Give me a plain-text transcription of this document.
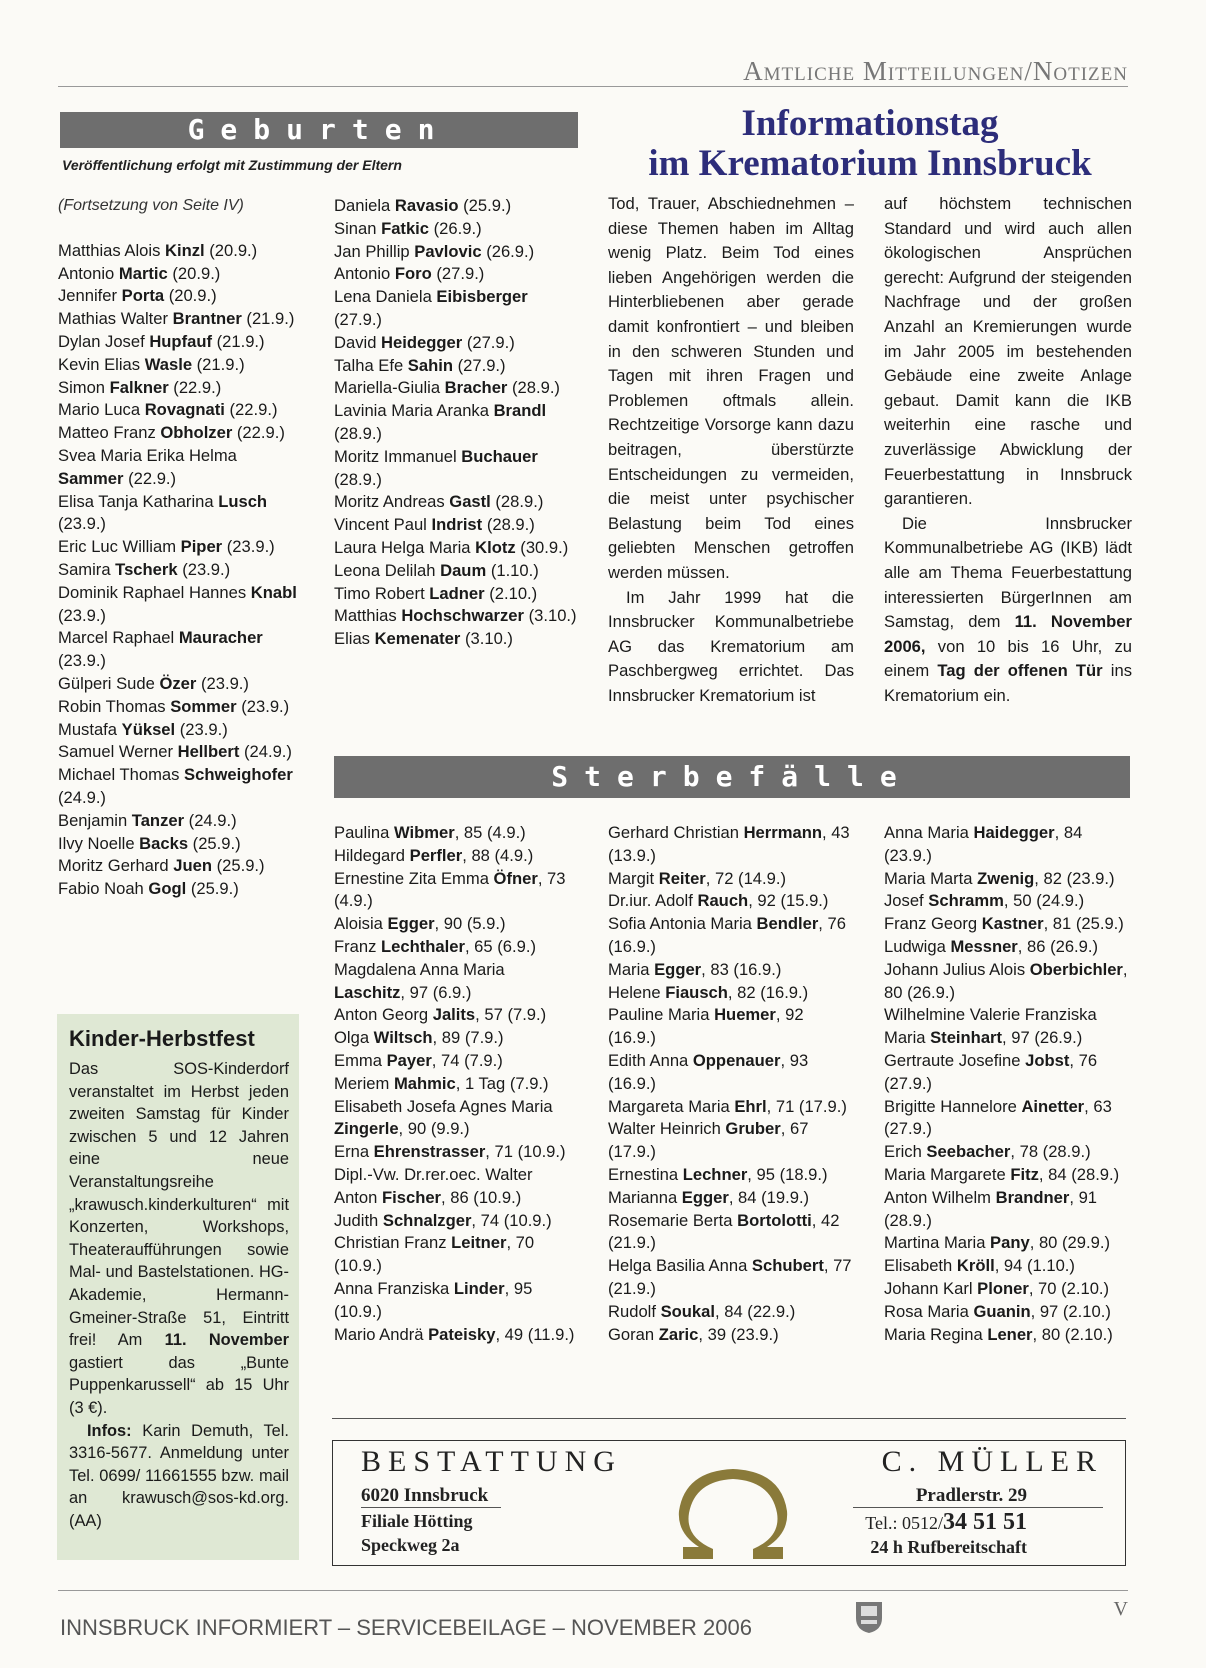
Amtliche Mitteilungen/Notizen
Geburten
Veröffentlichung erfolgt mit Zustimmung der Eltern
(Fortsetzung von Seite IV)
Matthias Alois Kinzl (20.9.)
Antonio Martic (20.9.)
Jennifer Porta (20.9.)
Mathias Walter Brantner (21.9.)
Dylan Josef Hupfauf (21.9.)
Kevin Elias Wasle (21.9.)
Simon Falkner (22.9.)
Mario Luca Rovagnati (22.9.)
Matteo Franz Obholzer (22.9.)
Svea Maria Erika Helma Sammer (22.9.)
Elisa Tanja Katharina Lusch (23.9.)
Eric Luc William Piper (23.9.)
Samira Tscherk (23.9.)
Dominik Raphael Hannes Knabl (23.9.)
Marcel Raphael Mauracher (23.9.)
Gülperi Sude Özer (23.9.)
Robin Thomas Sommer (23.9.)
Mustafa Yüksel (23.9.)
Samuel Werner Hellbert (24.9.)
Michael Thomas Schweighofer (24.9.)
Benjamin Tanzer (24.9.)
Ilvy Noelle Backs (25.9.)
Moritz Gerhard Juen (25.9.)
Fabio Noah Gogl (25.9.)
Daniela Ravasio (25.9.)
Sinan Fatkic (26.9.)
Jan Phillip Pavlovic (26.9.)
Antonio Foro (27.9.)
Lena Daniela Eibisberger (27.9.)
David Heidegger (27.9.)
Talha Efe Sahin (27.9.)
Mariella-Giulia Bracher (28.9.)
Lavinia Maria Aranka Brandl (28.9.)
Moritz Immanuel Buchauer (28.9.)
Moritz Andreas Gastl (28.9.)
Vincent Paul Indrist (28.9.)
Laura Helga Maria Klotz (30.9.)
Leona Delilah Daum (1.10.)
Timo Robert Ladner (2.10.)
Matthias Hochschwarzer (3.10.)
Elias Kemenater (3.10.)
Informationstag
im Krematorium Innsbruck

Tod, Trauer, Abschiednehmen – diese Themen haben im Alltag wenig Platz. Beim Tod eines lieben Angehörigen werden die Hinterbliebenen aber gerade damit konfrontiert – und bleiben in den schweren Stunden und Tagen mit ihren Fragen und Problemen oftmals allein. Rechtzeitige Vorsorge kann dazu beitragen, überstürzte Entscheidungen zu vermeiden, die meist unter psychischer Belastung beim Tod eines geliebten Menschen getroffen werden müssen.

Im Jahr 1999 hat die Innsbrucker Kommunalbetriebe AG das Krematorium am Paschbergweg errichtet. Das Innsbrucker Krematorium ist

auf höchstem technischen Standard und wird auch allen ökologischen Ansprüchen gerecht: Aufgrund der steigenden Nachfrage und der großen Anzahl an Kremierungen wurde im Jahr 2005 im bestehenden Gebäude eine zweite Anlage gebaut. Damit kann die IKB weiterhin eine rasche und zuverlässige Abwicklung der Feuerbestattung in Innsbruck garantieren.

Die Innsbrucker Kommunalbetriebe AG (IKB) lädt alle am Thema Feuerbestattung interessierten BürgerInnen am Samstag, dem 11. November 2006, von 10 bis 16 Uhr, zu einem Tag der offenen Tür ins Krematorium ein.

Kinder-Herbstfest
Das SOS-Kinderdorf veranstaltet im Herbst jeden zweiten Samstag für Kinder zwischen 5 und 12 Jahren eine neue Veranstaltungsreihe „krawusch.kinderkulturen“ mit Konzerten, Workshops, Theateraufführungen sowie Mal- und Bastelstationen. HG-Akademie, Hermann-Gmeiner-Straße 51, Eintritt frei! Am 11. November gastiert das „Bunte Puppenkarussell“ ab 15 Uhr (3 €).
Infos: Karin Demuth, Tel. 3316-5677. Anmeldung unter Tel. 0699/ 11661555 bzw. mail an krawusch@sos-kd.org. (AA)
Sterbefälle
Paulina Wibmer, 85 (4.9.)
Hildegard Perfler, 88 (4.9.)
Ernestine Zita Emma Öfner, 73 (4.9.)
Aloisia Egger, 90 (5.9.)
Franz Lechthaler, 65 (6.9.)
Magdalena Anna Maria Laschitz, 97 (6.9.)
Anton Georg Jalits, 57 (7.9.)
Olga Wiltsch, 89 (7.9.)
Emma Payer, 74 (7.9.)
Meriem Mahmic, 1 Tag (7.9.)
Elisabeth Josefa Agnes Maria Zingerle, 90 (9.9.)
Erna Ehrenstrasser, 71 (10.9.)
Dipl.-Vw. Dr.rer.oec. Walter Anton Fischer, 86 (10.9.)
Judith Schnalzger, 74 (10.9.)
Christian Franz Leitner, 70 (10.9.)
Anna Franziska Linder, 95 (10.9.)
Mario Andrä Pateisky, 49 (11.9.)
Gerhard Christian Herrmann, 43 (13.9.)
Margit Reiter, 72 (14.9.)
Dr.iur. Adolf Rauch, 92 (15.9.)
Sofia Antonia Maria Bendler, 76 (16.9.)
Maria Egger, 83 (16.9.)
Helene Fiausch, 82 (16.9.)
Pauline Maria Huemer, 92 (16.9.)
Edith Anna Oppenauer, 93 (16.9.)
Margareta Maria Ehrl, 71 (17.9.)
Walter Heinrich Gruber, 67 (17.9.)
Ernestina Lechner, 95 (18.9.)
Marianna Egger, 84 (19.9.)
Rosemarie Berta Bortolotti, 42 (21.9.)
Helga Basilia Anna Schubert, 77 (21.9.)
Rudolf Soukal, 84 (22.9.)
Goran Zaric, 39 (23.9.)
Anna Maria Haidegger, 84 (23.9.)
Maria Marta Zwenig, 82 (23.9.)
Josef Schramm, 50 (24.9.)
Franz Georg Kastner, 81 (25.9.)
Ludwiga Messner, 86 (26.9.)
Johann Julius Alois Oberbichler, 80 (26.9.)
Wilhelmine Valerie Franziska Maria Steinhart, 97 (26.9.)
Gertraute Josefine Jobst, 76 (27.9.)
Brigitte Hannelore Ainetter, 63 (27.9.)
Erich Seebacher, 78 (28.9.)
Maria Margarete Fitz, 84 (28.9.)
Anton Wilhelm Brandner, 91 (28.9.)
Martina Maria Pany, 80 (29.9.)
Elisabeth Kröll, 94 (1.10.)
Johann Karl Ploner, 70 (2.10.)
Rosa Maria Guanin, 97 (2.10.)
Maria Regina Lener, 80 (2.10.)
BESTATTUNG	C. MÜLLER
6020 Innsbruck
Filiale Hötting
Speckweg 2a
Pradlerstr. 29
Tel.: 0512/34 51 51
24 h Rufbereitschaft
INNSBRUCK INFORMIERT – SERVICEBEILAGE – NOVEMBER 2006
V
